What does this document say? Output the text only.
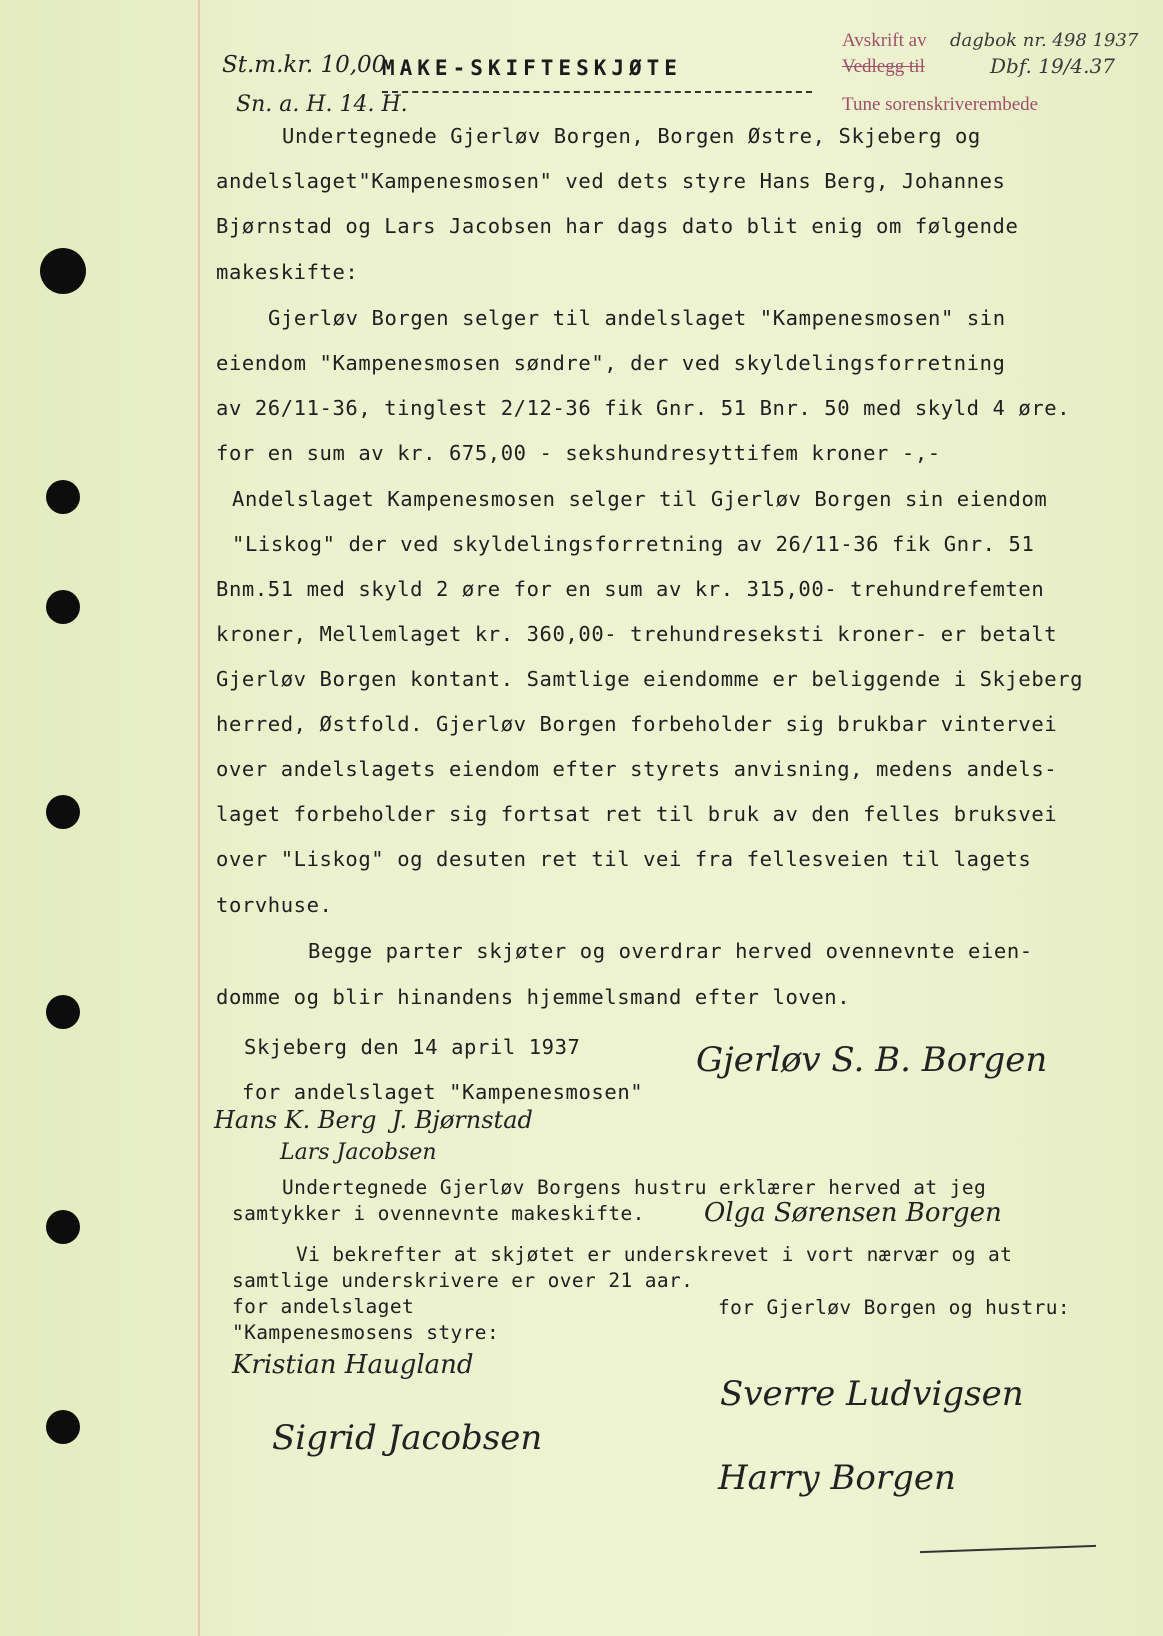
St.m.kr. 10,00
MAKE-SKIFTESKJØTE
Sn. a. H. 14. H.
Avskrift av dagbok nr. 498 1937
Vedlegg til	Dbf. 19/4.37
Tune sorenskriverembede
Undertegnede Gjerløv Borgen, Borgen Østre, Skjeberg og
andelslaget"Kampenesmosen" ved dets styre Hans Berg, Johannes
Bjørnstad og Lars Jacobsen har dags dato blit enig om følgende
makeskifte:
Gjerløv Borgen selger til andelslaget "Kampenesmosen" sin
eiendom "Kampenesmosen søndre", der ved skyldelingsforretning
av 26/11-36, tinglest 2/12-36 fik Gnr. 51 Bnr. 50 med skyld 4 øre.
for en sum av kr. 675,00 - sekshundresyttifem kroner -,-
Andelslaget Kampenesmosen selger til Gjerløv Borgen sin eiendom
"Liskog" der ved skyldelingsforretning av 26/11-36 fik Gnr. 51
Bnm.51 med skyld 2 øre for en sum av kr. 315,00- trehundrefemten
kroner, Mellemlaget kr. 360,00- trehundreseksti kroner- er betalt
Gjerløv Borgen kontant. Samtlige eiendomme er beliggende i Skjeberg
herred, Østfold. Gjerløv Borgen forbeholder sig brukbar vintervei
over andelslagets eiendom efter styrets anvisning, medens andels-
laget forbeholder sig fortsat ret til bruk av den felles bruksvei
over "Liskog" og desuten ret til vei fra fellesveien til lagets
torvhuse.
Begge parter skjøter og overdrar herved ovennevnte eien-
domme og blir hinandens hjemmelsmand efter loven.
Skjeberg den 14 april 1937
for andelslaget "Kampenesmosen"
Gjerløv S. B. Borgen
Hans K. Berg  J. Bjørnstad
Lars Jacobsen
Undertegnede Gjerløv Borgens hustru erklærer herved at jeg
samtykker i ovennevnte makeskifte. Olga Sørensen Borgen
Vi bekrefter at skjøtet er underskrevet i vort nærvær og at
samtlige underskrivere er over 21 aar.
for andelslaget
"Kampenesmosens styre:
for Gjerløv Borgen og hustru:
Kristian Haugland
Sigrid Jacobsen
Sverre Ludvigsen
Harry Borgen
